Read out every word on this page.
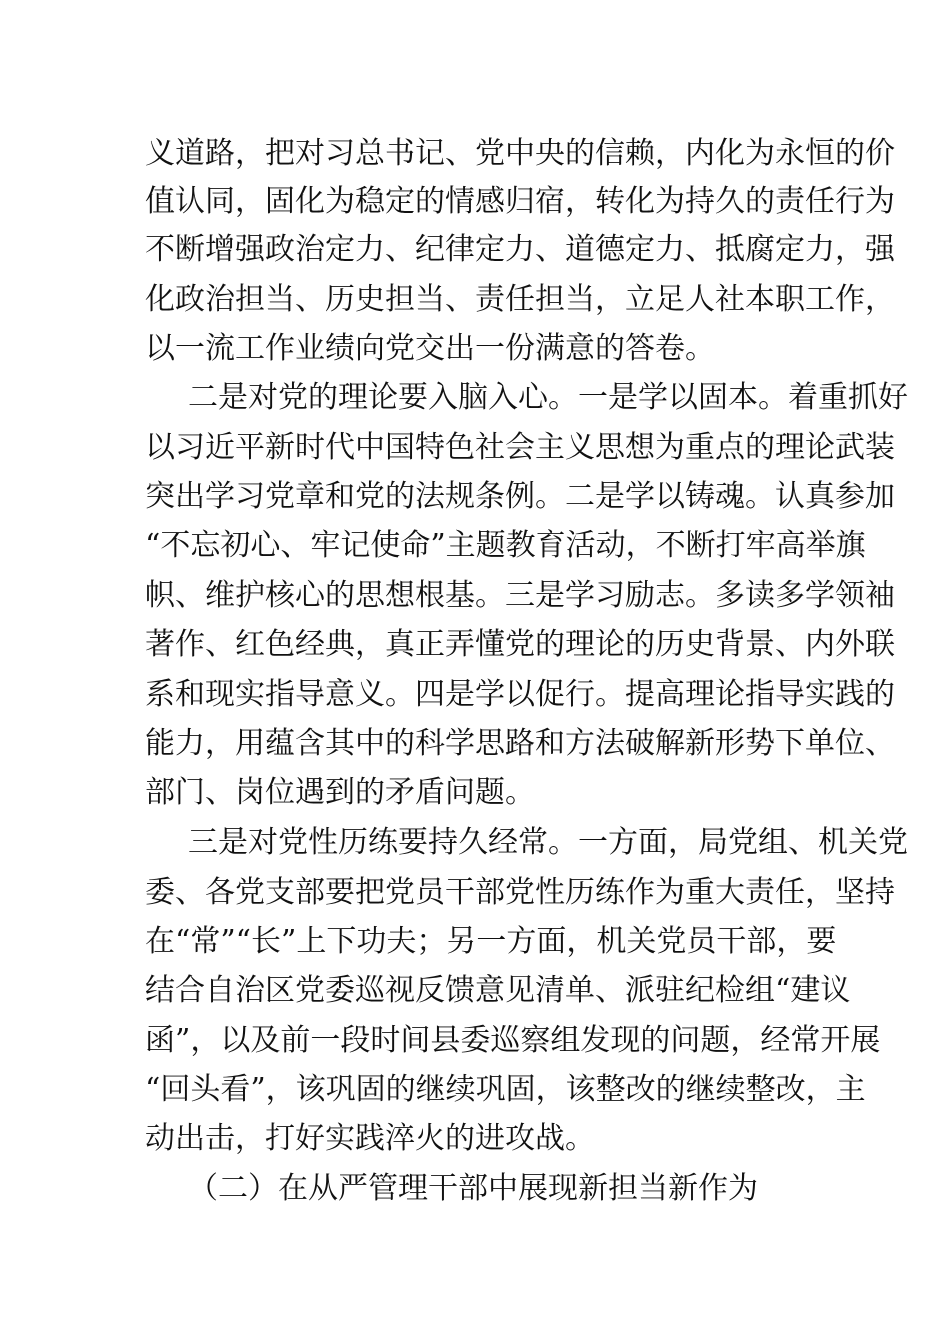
义道路，把对习总书记、党中央的信赖，内化为永恒的价
值认同，固化为稳定的情感归宿，转化为持久的责任行为
不断增强政治定力、纪律定力、道德定力、抵腐定力，强
化政治担当、历史担当、责任担当，立足人社本职工作，
以一流工作业绩向党交出一份满意的答卷。
二是对党的理论要入脑入心。一是学以固本。着重抓好
以习近平新时代中国特色社会主义思想为重点的理论武装
突出学习党章和党的法规条例。二是学以铸魂。认真参加
“不忘初心、牢记使命”主题教育活动，不断打牢高举旗
帜、维护核心的思想根基。三是学习励志。多读多学领袖
著作、红色经典，真正弄懂党的理论的历史背景、内外联
系和现实指导意义。四是学以促行。提高理论指导实践的
能力，用蕴含其中的科学思路和方法破解新形势下单位、
部门、岗位遇到的矛盾问题。
三是对党性历练要持久经常。一方面，局党组、机关党
委、各党支部要把党员干部党性历练作为重大责任，坚持
在“常”“长”上下功夫；另一方面，机关党员干部，要
结合自治区党委巡视反馈意见清单、派驻纪检组“建议
函”，以及前一段时间县委巡察组发现的问题，经常开展
“回头看”，该巩固的继续巩固，该整改的继续整改，主
动出击，打好实践淬火的进攻战。
（二）在从严管理干部中展现新担当新作为
